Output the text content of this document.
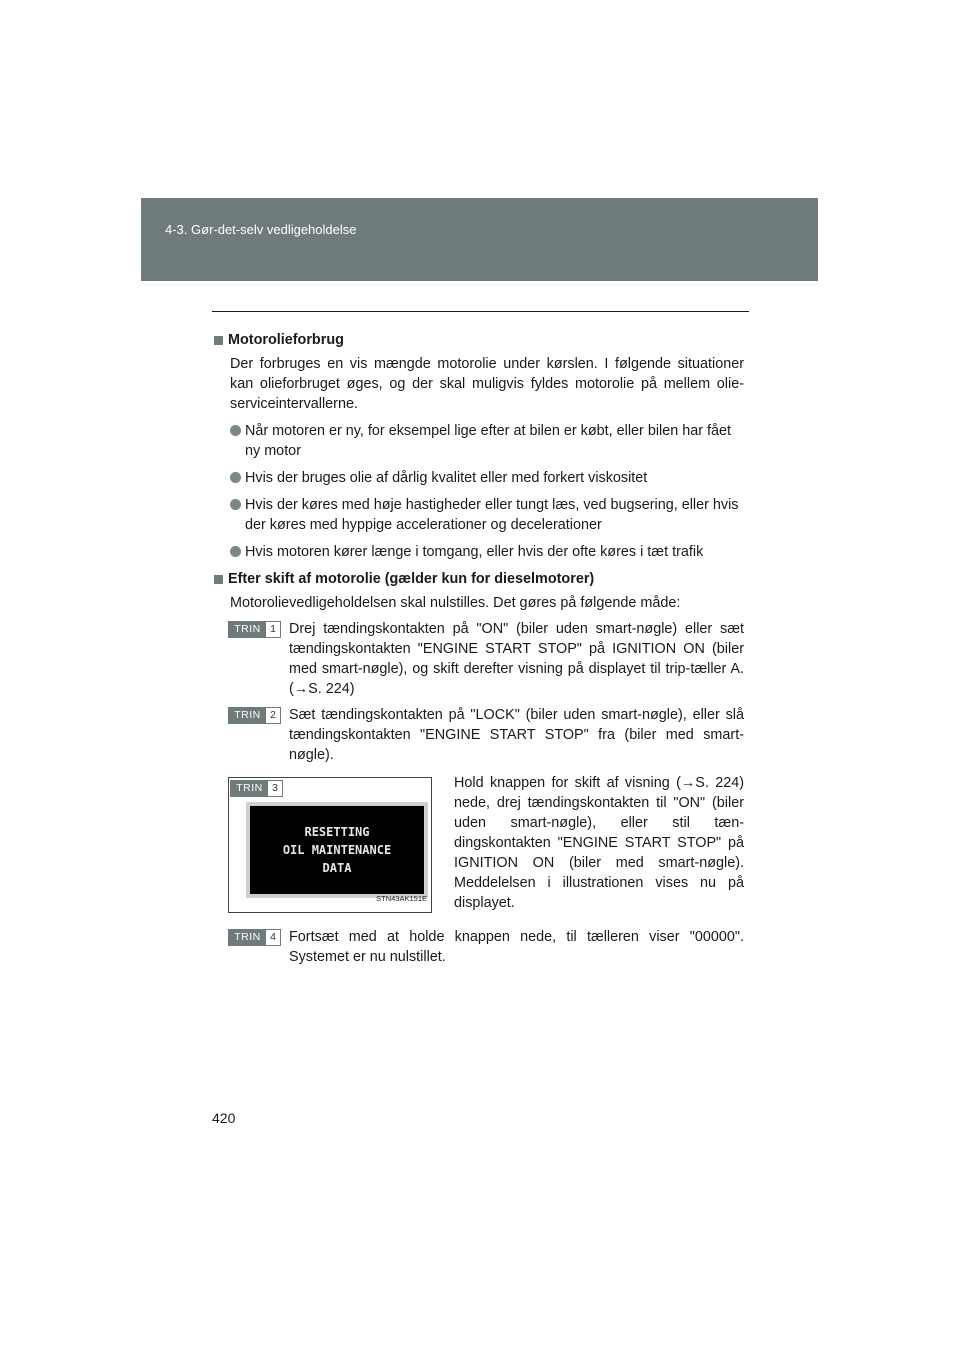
4-3. Gør-det-selv vedligeholdelse
Motorolieforbrug
Der forbruges en vis mængde motorolie under kørslen. I følgende situationer kan olieforbruget øges, og der skal muligvis fyldes motorolie på mellem olie-serviceintervallerne.
Når motoren er ny, for eksempel lige efter at bilen er købt, eller bilen har fået ny motor
Hvis der bruges olie af dårlig kvalitet eller med forkert viskositet
Hvis der køres med høje hastigheder eller tungt læs, ved bugsering, eller hvis der køres med hyppige accelerationer og decelerationer
Hvis motoren kører længe i tomgang, eller hvis der ofte køres i tæt trafik
Efter skift af motorolie (gælder kun for dieselmotorer)
Motorolievedligeholdelsen skal nulstilles. Det gøres på følgende måde:
TRIN 1 Drej tændingskontakten på "ON" (biler uden smart-nøgle) eller sæt tændingskontakten "ENGINE START STOP" på IGNITION ON (biler med smart-nøgle), og skift derefter visning på displayet til trip-tæller A. (→S. 224)
TRIN 2 Sæt tændingskontakten på "LOCK" (biler uden smart-nøgle), eller slå tændingskontakten "ENGINE START STOP" fra (biler med smart-nøgle).
TRIN 3
RESETTING
OIL MAINTENANCE
DATA
STN43AK151E
Hold knappen for skift af visning (→S. 224) nede, drej tændingskontakten til "ON" (biler uden smart-nøgle), eller stil tæn-dingskontakten "ENGINE START STOP" på IGNITION ON (biler med smart-nøgle). Meddelelsen i illustrationen vises nu på displayet.
TRIN 4 Fortsæt med at holde knappen nede, til tælleren viser "00000". Systemet er nu nulstillet.
420
